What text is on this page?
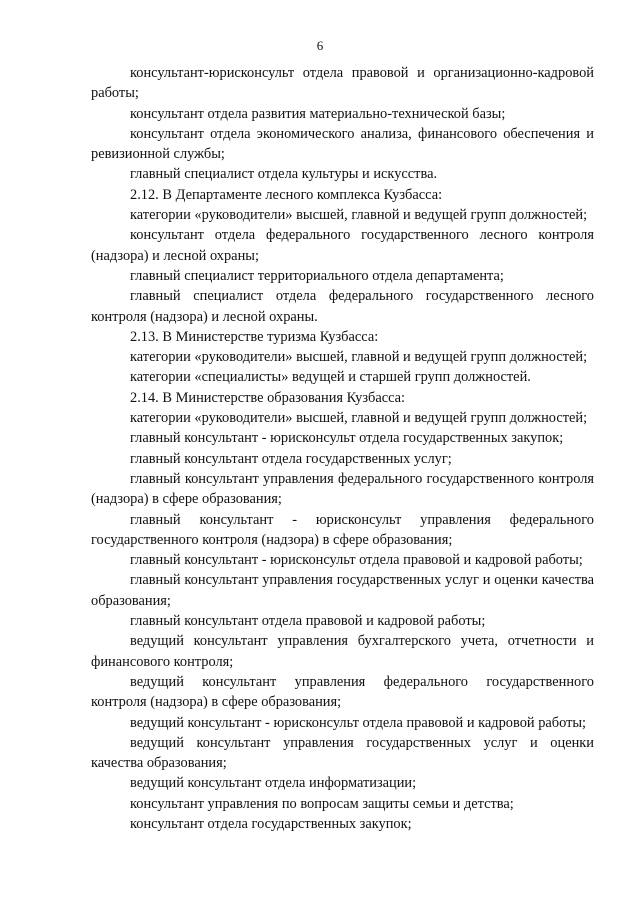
6

консультант-юрисконсульт отдела правовой и организационно-кадровой работы;

консультант отдела развития материально-технической базы;

консультант отдела экономического анализа, финансового обеспечения и ревизионной службы;

главный специалист отдела культуры и искусства.

2.12. В Департаменте лесного комплекса Кузбасса:

категории «руководители» высшей, главной и ведущей групп должностей;

консультант отдела федерального государственного лесного контроля (надзора) и лесной охраны;

главный специалист территориального отдела департамента;

главный специалист отдела федерального государственного лесного контроля (надзора) и лесной охраны.

2.13. В Министерстве туризма Кузбасса:

категории «руководители» высшей, главной и ведущей групп должностей;

категории «специалисты» ведущей и старшей групп должностей.

2.14. В Министерстве образования Кузбасса:

категории «руководители» высшей, главной и ведущей групп должностей;

главный консультант - юрисконсульт отдела государственных закупок;

главный консультант отдела государственных услуг;

главный консультант управления федерального государственного контроля (надзора) в сфере образования;

главный консультант - юрисконсульт управления федерального государственного контроля (надзора) в сфере образования;

главный консультант - юрисконсульт отдела правовой и кадровой работы;

главный консультант управления государственных услуг и оценки качества образования;

главный консультант отдела правовой и кадровой работы;

ведущий консультант управления бухгалтерского учета, отчетности и финансового контроля;

ведущий консультант управления федерального государственного контроля (надзора) в сфере образования;

ведущий консультант - юрисконсульт отдела правовой и кадровой работы;

ведущий консультант управления государственных услуг и оценки качества образования;

ведущий консультант отдела информатизации;

консультант управления по вопросам защиты семьи и детства;

консультант отдела государственных закупок;
